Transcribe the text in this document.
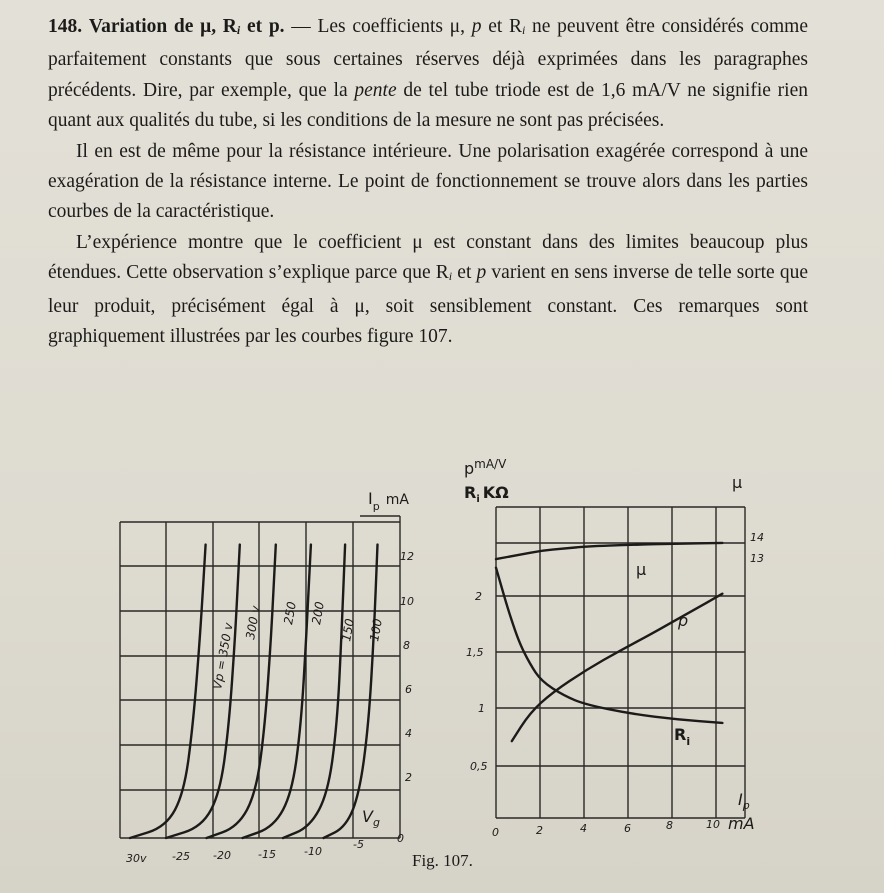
148. Variation de μ, Ri et p. — Les coefficients μ, p et Ri ne peuvent être considérés comme parfaitement constants que sous certaines réserves déjà exprimées dans les paragraphes précédents. Dire, par exemple, que la pente de tel tube triode est de 1,6 mA/V ne signifie rien quant aux qualités du tube, si les conditions de la mesure ne sont pas précisées.

Il en est de même pour la résistance intérieure. Une polarisation exagérée correspond à une exagération de la résistance interne. Le point de fonctionnement se trouve alors dans les parties courbes de la caractéristique.

L’expérience montre que le coefficient μ est constant dans des limites beaucoup plus étendues. Cette observation s’explique parce que Ri et p varient en sens inverse de telle sorte que leur produit, précisément égal à μ, soit sensiblement constant. Ces remarques sont graphiquement illustrées par les courbes figure 107.

2
4
6
8
10
12
30v -25 -20 -15	-10
-5	0
$I_p$ mA
$V_g$
Vp = 350 v 300 v 250 200
150 100
0,5
1
1,5
2
13
14
0	2	4	6	8	10
$I_p$
mA
$p^{mA/V}$
$R_i$ KΩ
μ
μ
p
$R_i$
Fig. 107.
